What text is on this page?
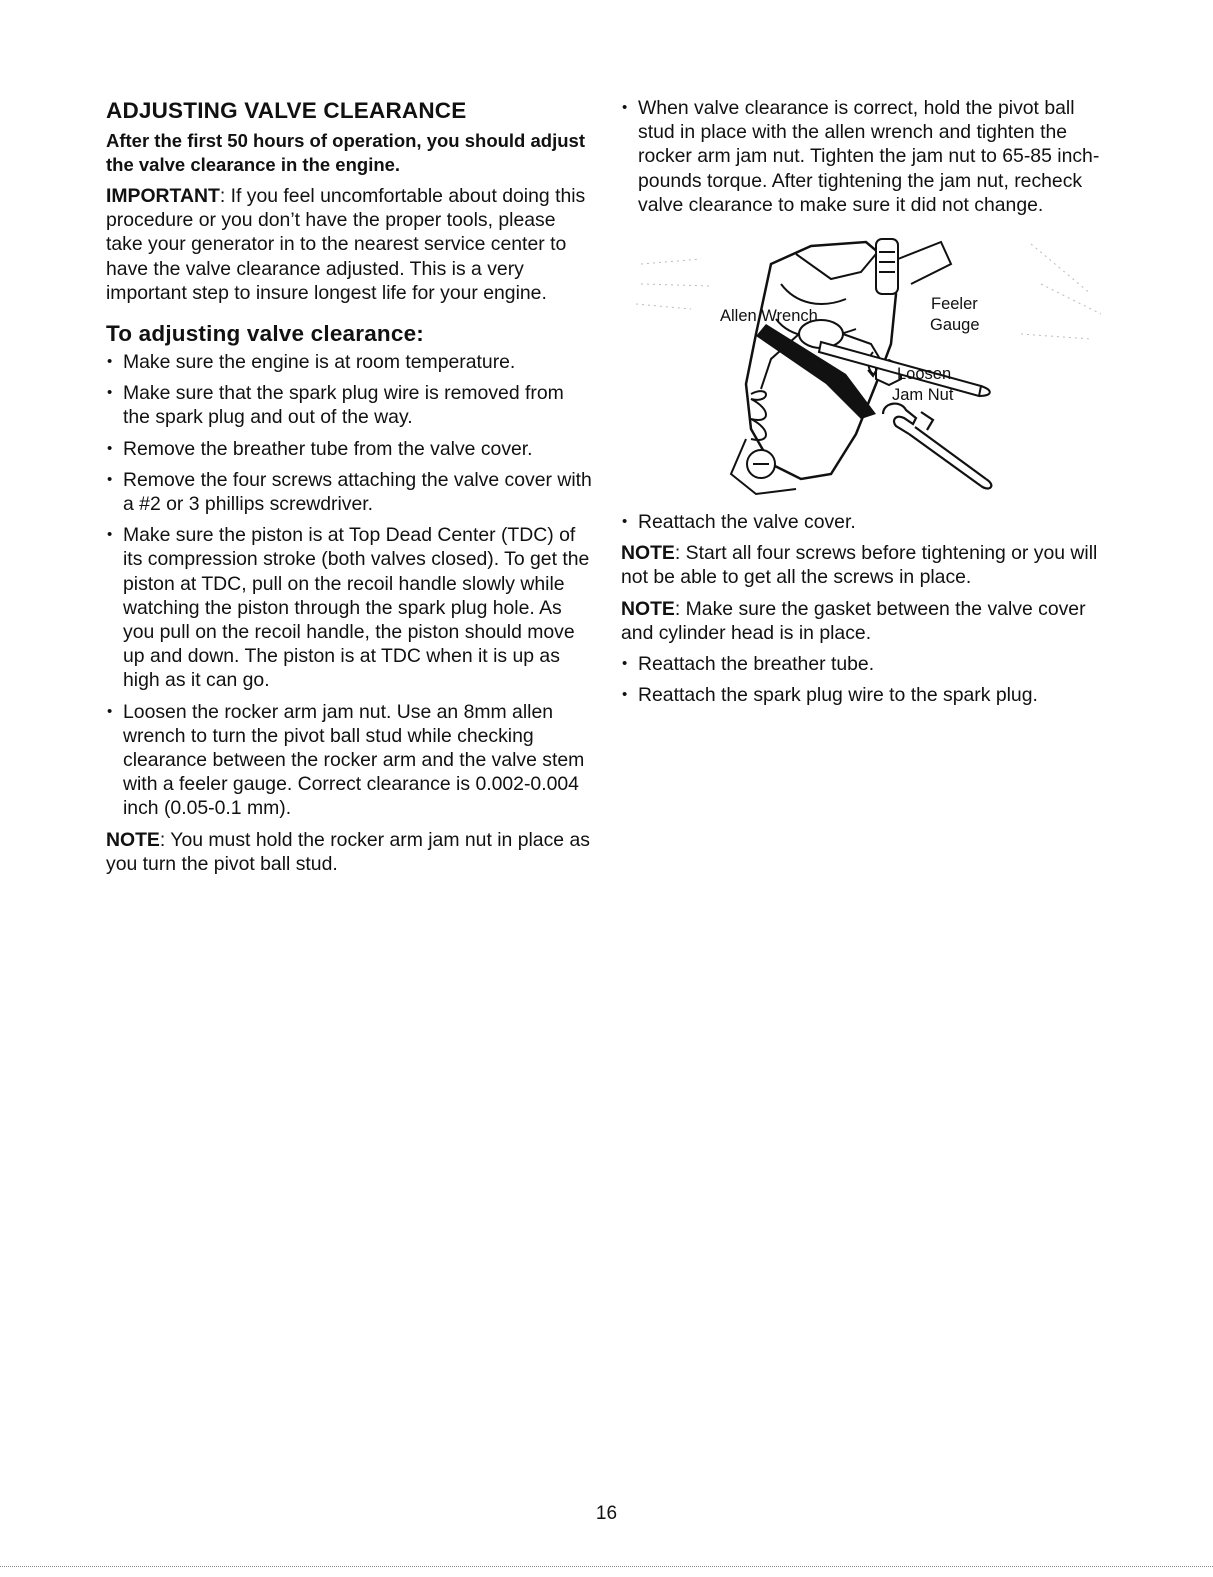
ADJUSTING VALVE CLEARANCE

After the first 50 hours of operation, you should adjust the valve clearance in the engine.

IMPORTANT: If you feel uncomfortable about doing this procedure or you don’t have the proper tools, please take your generator in to the nearest service center to have the valve clearance adjusted. This is a very important step to insure longest life for your engine.

To adjusting valve clearance:
• Make sure the engine is at room temperature.
• Make sure that the spark plug wire is removed from the spark plug and out of the way.
• Remove the breather tube from the valve cover.
• Remove the four screws attaching the valve cover with a #2 or 3 phillips screwdriver.
• Make sure the piston is at Top Dead Center (TDC) of its compression stroke (both valves closed). To get the piston at TDC, pull on the recoil handle slowly while watching the piston through the spark plug hole. As you pull on the recoil handle, the piston should move up and down. The piston is at TDC when it is up as high as it can go.
• Loosen the rocker arm jam nut. Use an 8mm allen wrench to turn the pivot ball stud while checking clearance between the rocker arm and the valve stem with a feeler gauge. Correct clearance is 0.002-0.004 inch (0.05-0.1 mm).

NOTE: You must hold the rocker arm jam nut in place as you turn the pivot ball stud.

• When valve clearance is correct, hold the pivot ball stud in place with the allen wrench and tighten the rocker arm jam nut. Tighten the jam nut to 65-85 inch-pounds torque. After tightening the jam nut, recheck valve clearance to make sure it did not change.
Allen Wrench
Feeler
Gauge
Loosen
Jam Nut
• Reattach the valve cover.

NOTE: Start all four screws before tightening or you will not be able to get all the screws in place.

NOTE: Make sure the gasket between the valve cover and cylinder head is in place.

• Reattach the breather tube.
• Reattach the spark plug wire to the spark plug.
16
